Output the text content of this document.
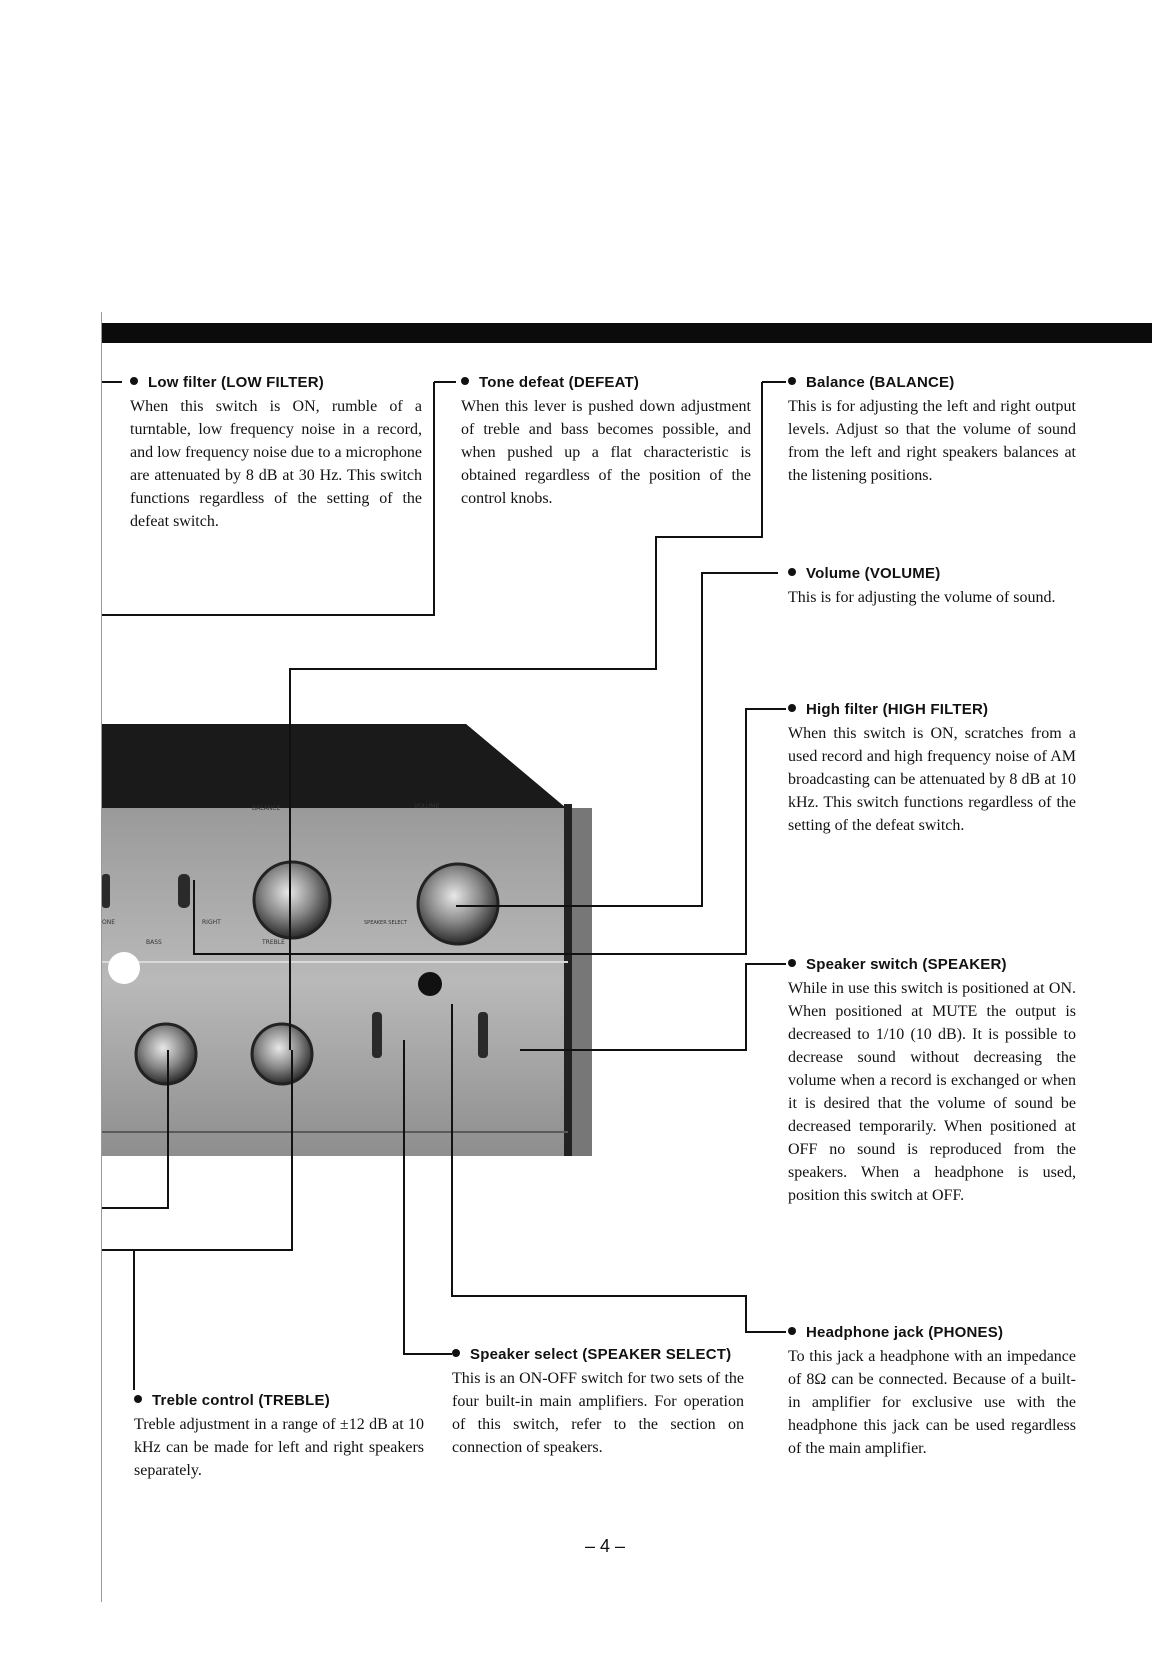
BALANCE	VOLUME
BASS	TREBLE
SPEAKER SELECT
RIGHT
ONE
Low filter (LOW FILTER)

When this switch is ON, rumble of a turntable, low frequency noise in a record, and low frequency noise due to a microphone are attenuated by 8 dB at 30 Hz. This switch functions regardless of the setting of the defeat switch.

Tone defeat (DEFEAT)

When this lever is pushed down adjustment of treble and bass becomes possible, and when pushed up a flat characteristic is obtained regardless of the position of the control knobs.

Balance (BALANCE)

This is for adjusting the left and right output levels. Adjust so that the volume of sound from the left and right speakers balances at the listening positions.

Volume (VOLUME)

This is for adjusting the volume of sound.

High filter (HIGH FILTER)

When this switch is ON, scratches from a used record and high frequency noise of AM broadcasting can be attenuated by 8 dB at 10 kHz. This switch functions regardless of the setting of the defeat switch.

Speaker switch (SPEAKER)

While in use this switch is positioned at ON. When positioned at MUTE the output is decreased to 1/10 (10 dB). It is possible to decrease sound without decreasing the volume when a record is exchanged or when it is desired that the volume of sound be decreased temporarily. When positioned at OFF no sound is reproduced from the speakers. When a headphone is used, position this switch at OFF.

Headphone jack (PHONES)

To this jack a headphone with an impedance of 8Ω can be connected. Because of a built-in amplifier for exclusive use with the headphone this jack can be used regardless of the main amplifier.

Speaker select (SPEAKER SELECT)

This is an ON-OFF switch for two sets of the four built-in main amplifiers. For operation of this switch, refer to the section on connection of speakers.

Treble control (TREBLE)

Treble adjustment in a range of ±12 dB at 10 kHz can be made for left and right speakers separately.

– 4 –
